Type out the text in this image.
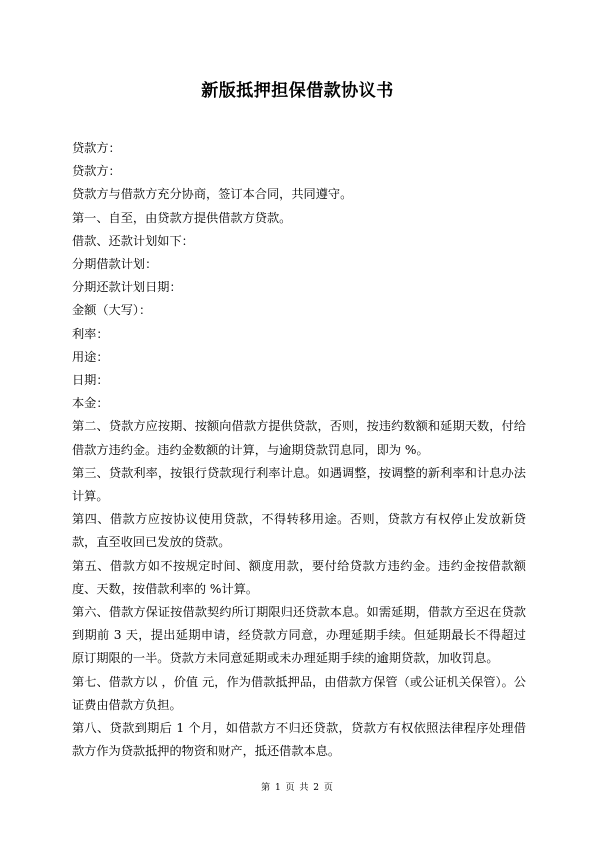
新版抵押担保借款协议书

贷款方：

贷款方：

贷款方与借款方充分协商，签订本合同，共同遵守。

第一、自至，由贷款方提供借款方贷款。

借款、还款计划如下：

分期借款计划：

分期还款计划日期：

金额（大写）：

利率：

用途：

日期：

本金：

第二、贷款方应按期、按额向借款方提供贷款，否则，按违约数额和延期天数，付给借款方违约金。违约金数额的计算，与逾期贷款罚息同，即为 %。

第三、贷款利率，按银行贷款现行利率计息。如遇调整，按调整的新利率和计息办法计算。

第四、借款方应按协议使用贷款，不得转移用途。否则，贷款方有权停止发放新贷款，直至收回已发放的贷款。

第五、借款方如不按规定时间、额度用款，要付给贷款方违约金。违约金按借款额度、天数，按借款利率的 %计算。

第六、借款方保证按借款契约所订期限归还贷款本息。如需延期，借款方至迟在贷款到期前 3 天，提出延期申请，经贷款方同意，办理延期手续。但延期最长不得超过原订期限的一半。贷款方未同意延期或未办理延期手续的逾期贷款，加收罚息。

第七、借款方以 ，价值 元，作为借款抵押品，由借款方保管（或公证机关保管）。公证费由借款方负担。

第八、贷款到期后 1 个月，如借款方不归还贷款，贷款方有权依照法律程序处理借款方作为贷款抵押的物资和财产，抵还借款本息。

第 1 页 共 2 页
